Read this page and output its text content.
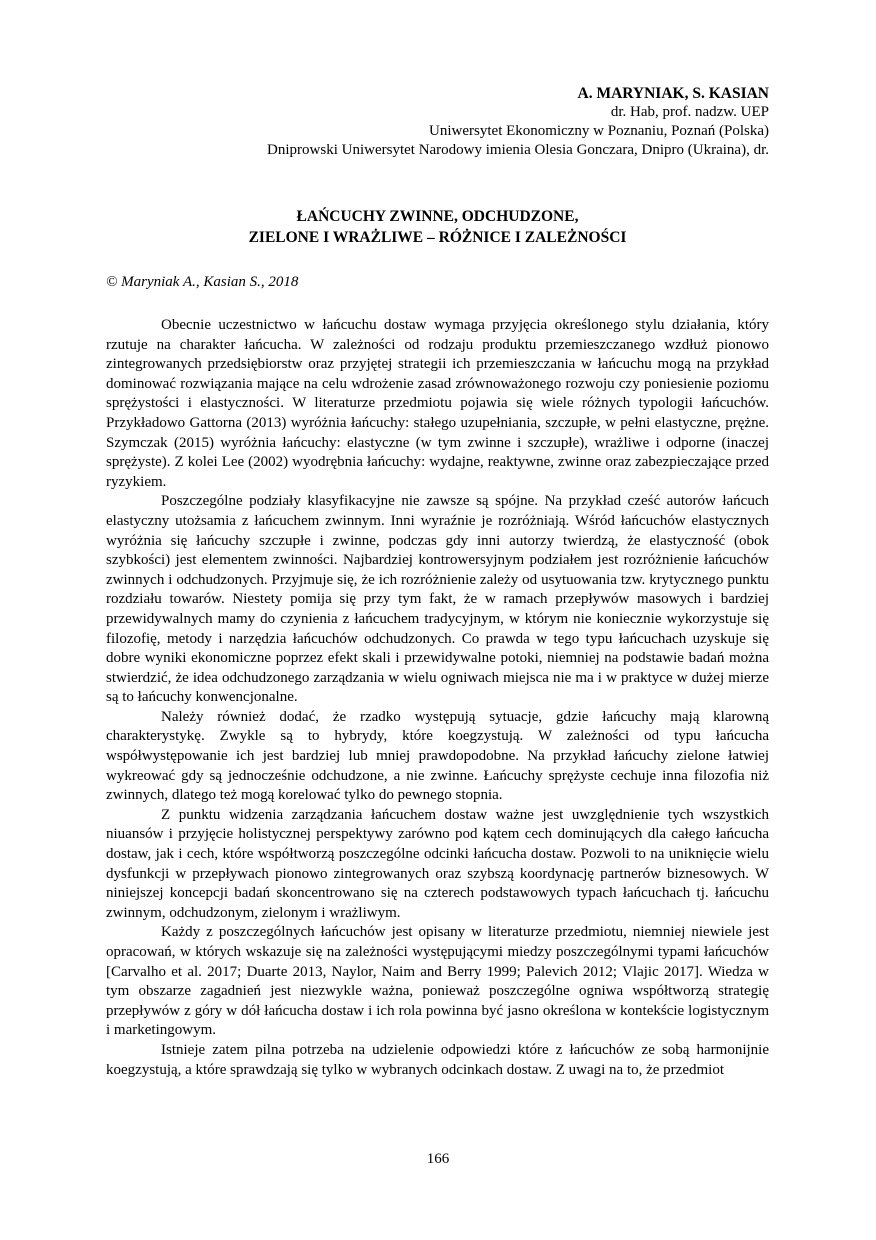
A. MARYNIAK, S. KASIAN
dr. Hab, prof. nadzw. UEP
Uniwersytet Ekonomiczny w Poznaniu, Poznań (Polska)
Dniprowski Uniwersytet Narodowy imienia Olesia Gonczara, Dnipro (Ukraina), dr.
ŁAŃCUCHY ZWINNE, ODCHUDZONE,
ZIELONE I WRAŻLIWE – RÓŻNICE I ZALEŻNOŚCI
© Maryniak A., Kasian S., 2018

Obecnie uczestnictwo w łańcuchu dostaw wymaga przyjęcia określonego stylu działania, który rzutuje na charakter łańcucha. W zależności od rodzaju produktu przemieszczanego wzdłuż pionowo zintegrowanych przedsiębiorstw oraz przyjętej strategii ich przemieszczania w łańcuchu mogą na przykład dominować rozwiązania mające na celu wdrożenie zasad zrównoważonego rozwoju czy poniesienie poziomu sprężystości i elastyczności. W literaturze przedmiotu pojawia się wiele różnych typologii łańcuchów. Przykładowo Gattorna (2013) wyróżnia łańcuchy: stałego uzupełniania, szczupłe, w pełni elastyczne, prężne. Szymczak (2015) wyróżnia łańcuchy: elastyczne (w tym zwinne i szczupłe), wrażliwe i odporne (inaczej sprężyste). Z kolei Lee (2002) wyodrębnia łańcuchy: wydajne, reaktywne, zwinne oraz zabezpieczające przed ryzykiem.

Poszczególne podziały klasyfikacyjne nie zawsze są spójne. Na przykład cześć autorów łańcuch elastyczny utożsamia z łańcuchem zwinnym. Inni wyraźnie je rozróżniają. Wśród łańcuchów elastycznych wyróżnia się łańcuchy szczupłe i zwinne, podczas gdy inni autorzy twierdzą, że elastyczność (obok szybkości) jest elementem zwinności. Najbardziej kontrowersyjnym podziałem jest rozróżnienie łańcuchów zwinnych i odchudzonych. Przyjmuje się, że ich rozróżnienie zależy od usytuowania tzw. krytycznego punktu rozdziału towarów. Niestety pomija się przy tym fakt, że w ramach przepływów masowych i bardziej przewidywalnych mamy do czynienia z łańcuchem tradycyjnym, w którym nie koniecznie wykorzystuje się filozofię, metody i narzędzia łańcuchów odchudzonych. Co prawda w tego typu łańcuchach uzyskuje się dobre wyniki ekonomiczne poprzez efekt skali i przewidywalne potoki, niemniej na podstawie badań można stwierdzić, że idea odchudzonego zarządzania w wielu ogniwach miejsca nie ma i w praktyce w dużej mierze są to łańcuchy konwencjonalne.

Należy również dodać, że rzadko występują sytuacje, gdzie łańcuchy mają klarowną charakterystykę. Zwykle są to hybrydy, które koegzystują. W zależności od typu łańcucha współwystępowanie ich jest bardziej lub mniej prawdopodobne. Na przykład łańcuchy zielone łatwiej wykreować gdy są jednocześnie odchudzone, a nie zwinne. Łańcuchy sprężyste cechuje inna filozofia niż zwinnych, dlatego też mogą korelować tylko do pewnego stopnia.

Z punktu widzenia zarządzania łańcuchem dostaw ważne jest uwzględnienie tych wszystkich niuansów i przyjęcie holistycznej perspektywy zarówno pod kątem cech dominujących dla całego łańcucha dostaw, jak i cech, które współtworzą poszczególne odcinki łańcucha dostaw. Pozwoli to na uniknięcie wielu dysfunkcji w przepływach pionowo zintegrowanych oraz szybszą koordynację partnerów biznesowych. W niniejszej koncepcji badań skoncentrowano się na czterech podstawowych typach łańcuchach tj. łańcuchu zwinnym, odchudzonym, zielonym i wrażliwym.

Każdy z poszczególnych łańcuchów jest opisany w literaturze przedmiotu, niemniej niewiele jest opracowań, w których wskazuje się na zależności występującymi miedzy poszczególnymi typami łańcuchów [Carvalho et al. 2017; Duarte 2013, Naylor, Naim and Berry 1999; Palevich 2012; Vlajic 2017]. Wiedza w tym obszarze zagadnień jest niezwykle ważna, ponieważ poszczególne ogniwa współtworzą strategię przepływów z góry w dół łańcucha dostaw i ich rola powinna być jasno określona w kontekście logistycznym i marketingowym.

Istnieje zatem pilna potrzeba na udzielenie odpowiedzi które z łańcuchów ze sobą harmonijnie koegzystują, a które sprawdzają się tylko w wybranych odcinkach dostaw. Z uwagi na to, że przedmiot

166
